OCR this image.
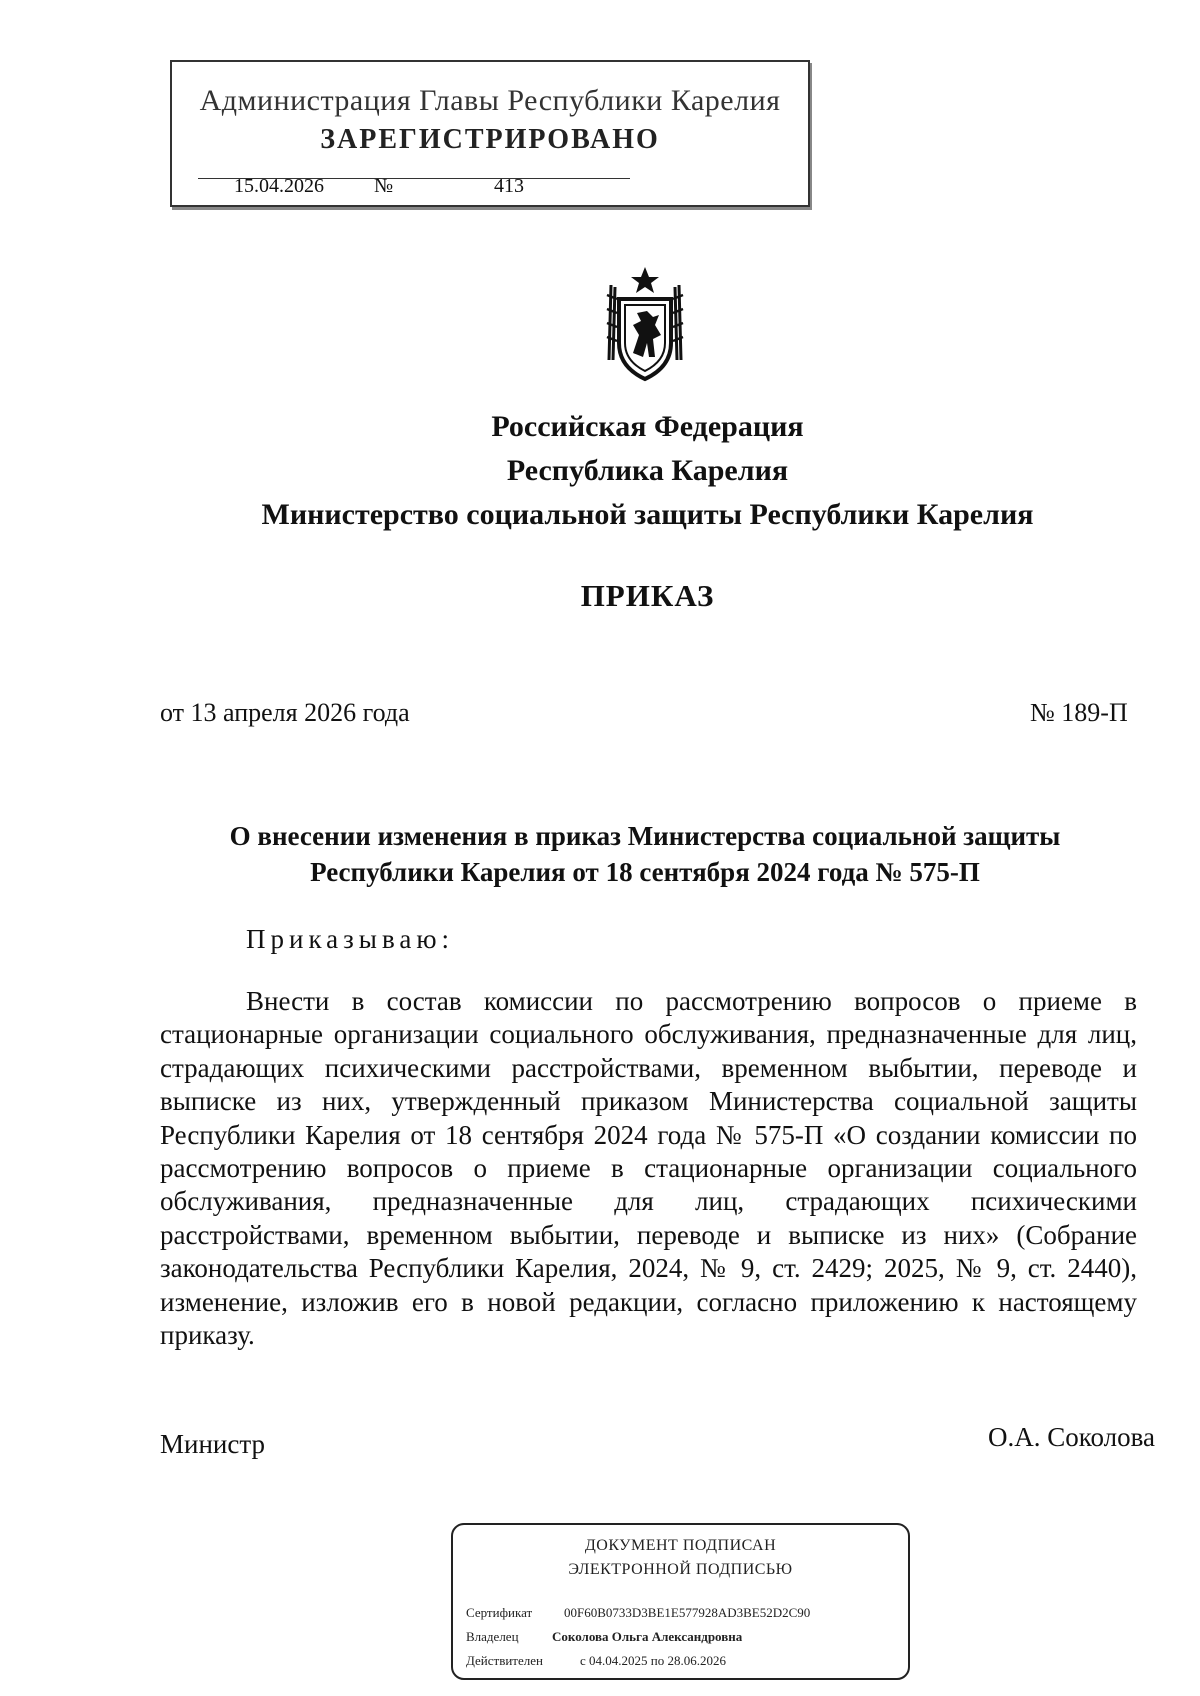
Администрация Главы Республики Карелия
ЗАРЕГИСТРИРОВАНО
15.04.2026	№	413
Российская Федерация
Республика Карелия
Министерство социальной защиты Республики Карелия
ПРИКАЗ
от 13 апреля 2026 года	№ 189-П
О внесении изменения в приказ Министерства социальной защиты
Республики Карелия от 18 сентября 2024 года № 575-П
Приказываю:
Внести в состав комиссии по рассмотрению вопросов о приеме в стационарные организации социального обслуживания, предназначенные для лиц, страдающих психическими расстройствами, временном выбытии, переводе и выписке из них, утвержденный приказом Министерства социальной защиты Республики Карелия от 18 сентября 2024 года № 575-П «О создании комиссии по рассмотрению вопросов о приеме в стационарные организации социального обслуживания, предназначенные для лиц, страдающих психическими расстройствами, временном выбытии, переводе и выписке из них» (Собрание законодательства Республики Карелия, 2024, № 9, ст. 2429; 2025, № 9, ст. 2440), изменение, изложив его в новой редакции, согласно приложению к настоящему приказу.
Министр	О.А. Соколова
ДОКУМЕНТ ПОДПИСАН
ЭЛЕКТРОННОЙ ПОДПИСЬЮ
Сертификат 00F60B0733D3BE1E577928AD3BE52D2C90
Владелец	Соколова Ольга Александровна
Действителен	с 04.04.2025 по 28.06.2026
